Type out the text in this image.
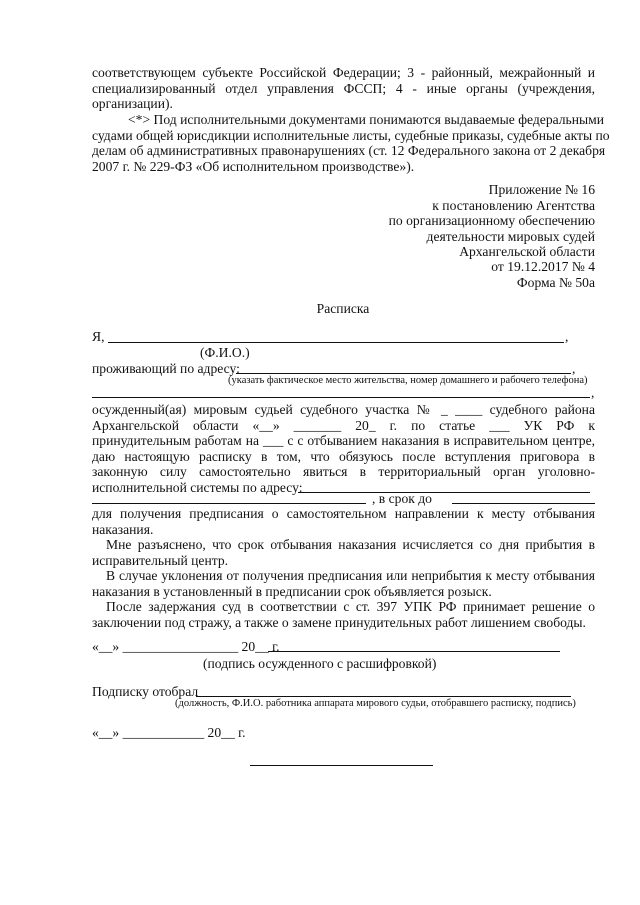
соответствующем субъекте Российской Федерации; 3 - районный, межрайонный и
специализированный отдел управления ФССП; 4 - иные органы (учреждения,
организации).
<*> Под исполнительными документами понимаются выдаваемые федеральными
судами общей юрисдикции исполнительные листы, судебные приказы, судебные акты по
делам об административных правонарушениях (ст. 12 Федерального закона от 2 декабря
2007 г. № 229-ФЗ «Об исполнительном производстве»).
Приложение № 16
к постановлению Агентства
по организационному обеспечению
деятельности мировых судей
Архангельской области
от 19.12.2017 № 4
Форма № 50а
Расписка
Я,	,
(Ф.И.О.)
проживающий по адресу:	,
(указать фактическое место жительства, номер домашнего и рабочего телефона)
,
осужденный(ая) мировым судьей судебного участка № _ ____ судебного района
Архангельской области «__» _______ 20_ г. по статье ___ УК РФ к
принудительным работам на ___ с с отбыванием наказания в исправительном центре,
даю настоящую расписку в том, что обязуюсь после вступления приговора в
законную силу самостоятельно явиться в территориальный орган уголовно-
исполнительной системы по адресу:
, в срок до
для получения предписания о самостоятельном направлении к месту отбывания
наказания.
Мне разъяснено, что срок отбывания наказания исчисляется со дня прибытия в
исправительный центр.
В случае уклонения от получения предписания или неприбытия к месту отбывания
наказания в установленный в предписании срок объявляется розыск.
После задержания суд в соответствии с ст. 397 УПК РФ принимает решение о
заключении под стражу, а также о замене принудительных работ лишением свободы.
«__» _________________ 20__ г.
(подпись осужденного с расшифровкой)
Подписку отобрал
(должность, Ф.И.О. работника аппарата мирового судьи, отобравшего расписку, подпись)
«__» ____________ 20__ г.
